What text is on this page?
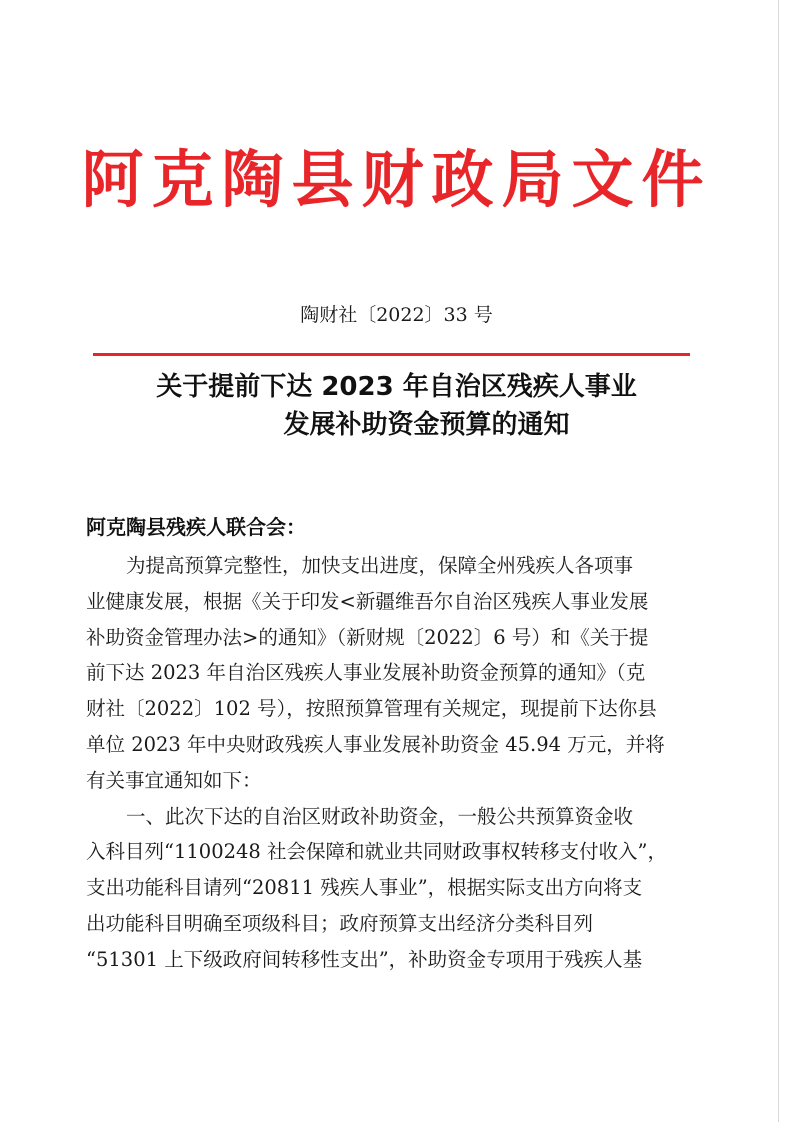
阿克陶县财政局文件
陶财社〔2022〕33 号
关于提前下达 2023 年自治区残疾人事业
发展补助资金预算的通知
阿克陶县残疾人联合会：
为提高预算完整性，加快支出进度，保障全州残疾人各项事
业健康发展，根据《关于印发<新疆维吾尔自治区残疾人事业发展
补助资金管理办法>的通知》（新财规〔2022〕6 号）和《关于提
前下达 2023 年自治区残疾人事业发展补助资金预算的通知》（克
财社〔2022〕102 号），按照预算管理有关规定，现提前下达你县
单位 2023 年中央财政残疾人事业发展补助资金 45.94 万元，并将
有关事宜通知如下：
一、此次下达的自治区财政补助资金，一般公共预算资金收
入科目列“1100248 社会保障和就业共同财政事权转移支付收入”，
支出功能科目请列“20811 残疾人事业”，根据实际支出方向将支
出功能科目明确至项级科目；政府预算支出经济分类科目列
“51301 上下级政府间转移性支出”，补助资金专项用于残疾人基
